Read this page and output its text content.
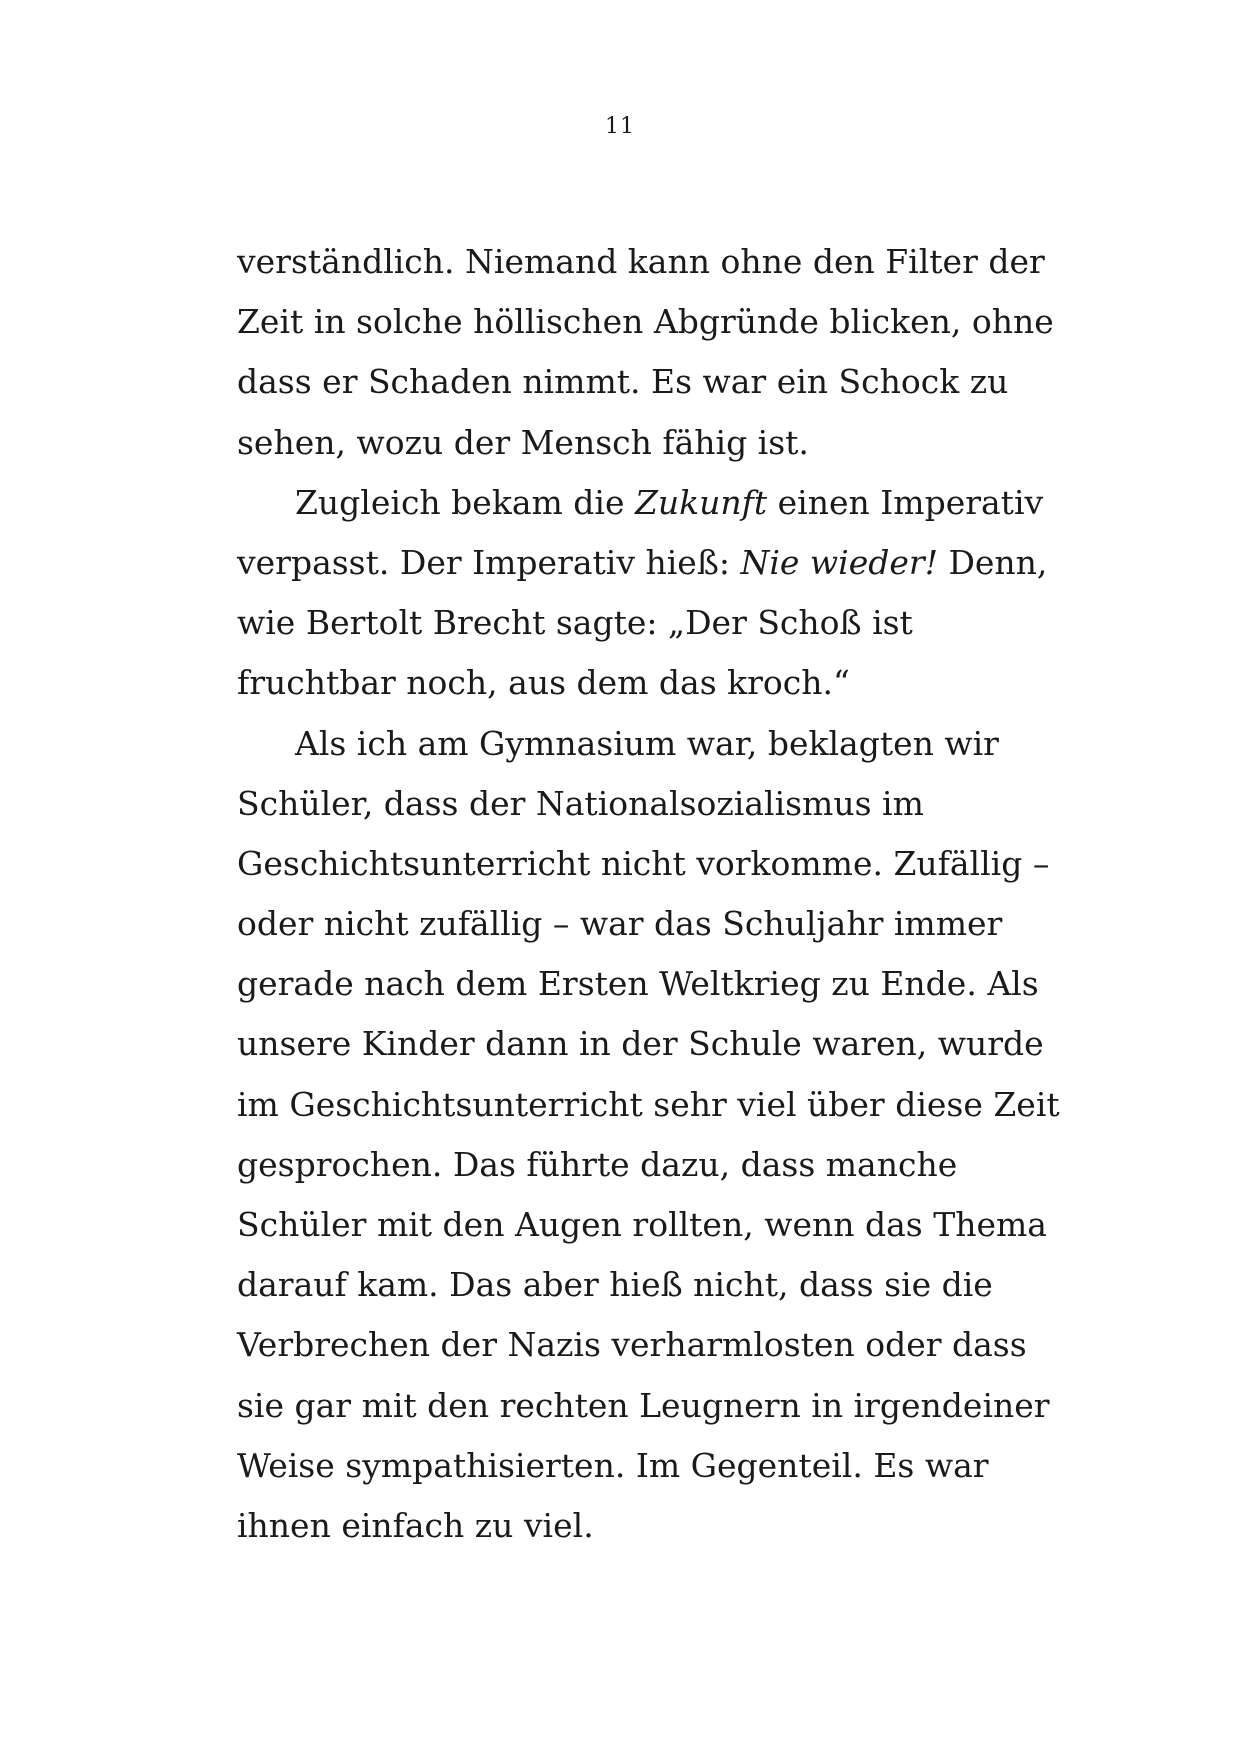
11
verständlich. Niemand kann ohne den Filter der
Zeit in solche höllischen Abgründe blicken, ohne
dass er Schaden nimmt. Es war ein Schock zu
sehen, wozu der Mensch fähig ist.
Zugleich bekam die Zukunft einen Imperativ
verpasst. Der Imperativ hieß: Nie wieder! Denn,
wie Bertolt Brecht sagte: „Der Schoß ist
fruchtbar noch, aus dem das kroch.“
Als ich am Gymnasium war, beklagten wir
Schüler, dass der Nationalsozialismus im
Geschichtsunterricht nicht vorkomme. Zufällig –
oder nicht zufällig – war das Schuljahr immer
gerade nach dem Ersten Weltkrieg zu Ende. Als
unsere Kinder dann in der Schule waren, wurde
im Geschichtsunterricht sehr viel über diese Zeit
gesprochen. Das führte dazu, dass manche
Schüler mit den Augen rollten, wenn das Thema
darauf kam. Das aber hieß nicht, dass sie die
Verbrechen der Nazis verharmlosten oder dass
sie gar mit den rechten Leugnern in irgendeiner
Weise sympathisierten. Im Gegenteil. Es war
ihnen einfach zu viel.
